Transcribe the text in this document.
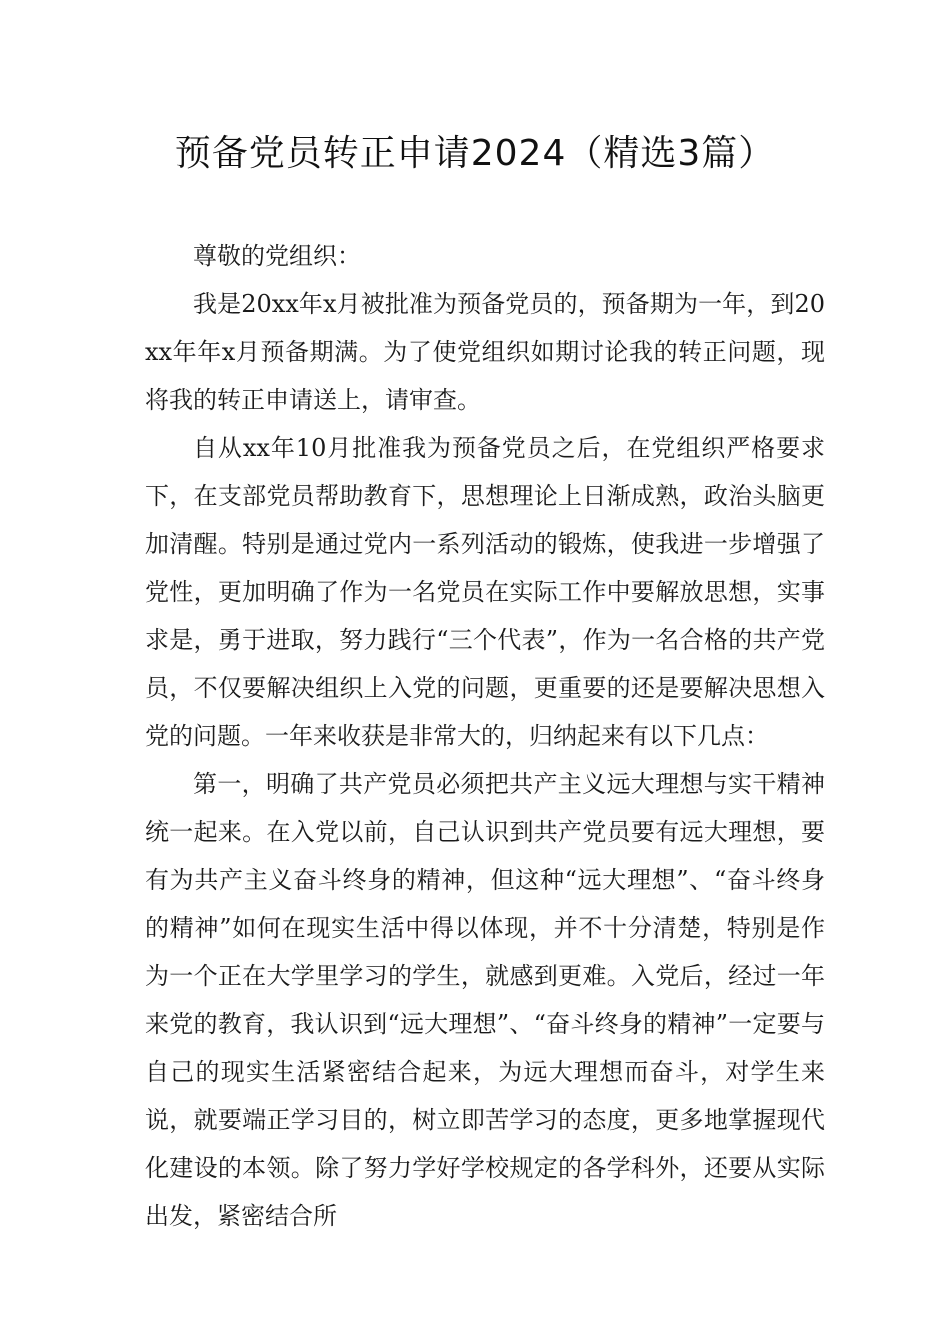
预备党员转正申请2024（精选3篇）

尊敬的党组织：

我是20xx年x月被批准为预备党员的，预备期为一年，到20xx年年x月预备期满。为了使党组织如期讨论我的转正问题，现将我的转正申请送上，请审查。

自从xx年10月批准我为预备党员之后，在党组织严格要求下，在支部党员帮助教育下，思想理论上日渐成熟，政治头脑更加清醒。特别是通过党内一系列活动的锻炼，使我进一步增强了党性，更加明确了作为一名党员在实际工作中要解放思想，实事求是，勇于进取，努力践行“三个代表”，作为一名合格的共产党员，不仅要解决组织上入党的问题，更重要的还是要解决思想入党的问题。一年来收获是非常大的，归纳起来有以下几点：

第一，明确了共产党员必须把共产主义远大理想与实干精神统一起来。在入党以前，自己认识到共产党员要有远大理想，要有为共产主义奋斗终身的精神，但这种“远大理想”、“奋斗终身的精神”如何在现实生活中得以体现，并不十分清楚，特别是作为一个正在大学里学习的学生，就感到更难。入党后，经过一年来党的教育，我认识到“远大理想”、“奋斗终身的精神”一定要与自己的现实生活紧密结合起来，为远大理想而奋斗，对学生来说，就要端正学习目的，树立即苦学习的态度，更多地掌握现代化建设的本领。除了努力学好学校规定的各学科外，还要从实际出发，紧密结合所
